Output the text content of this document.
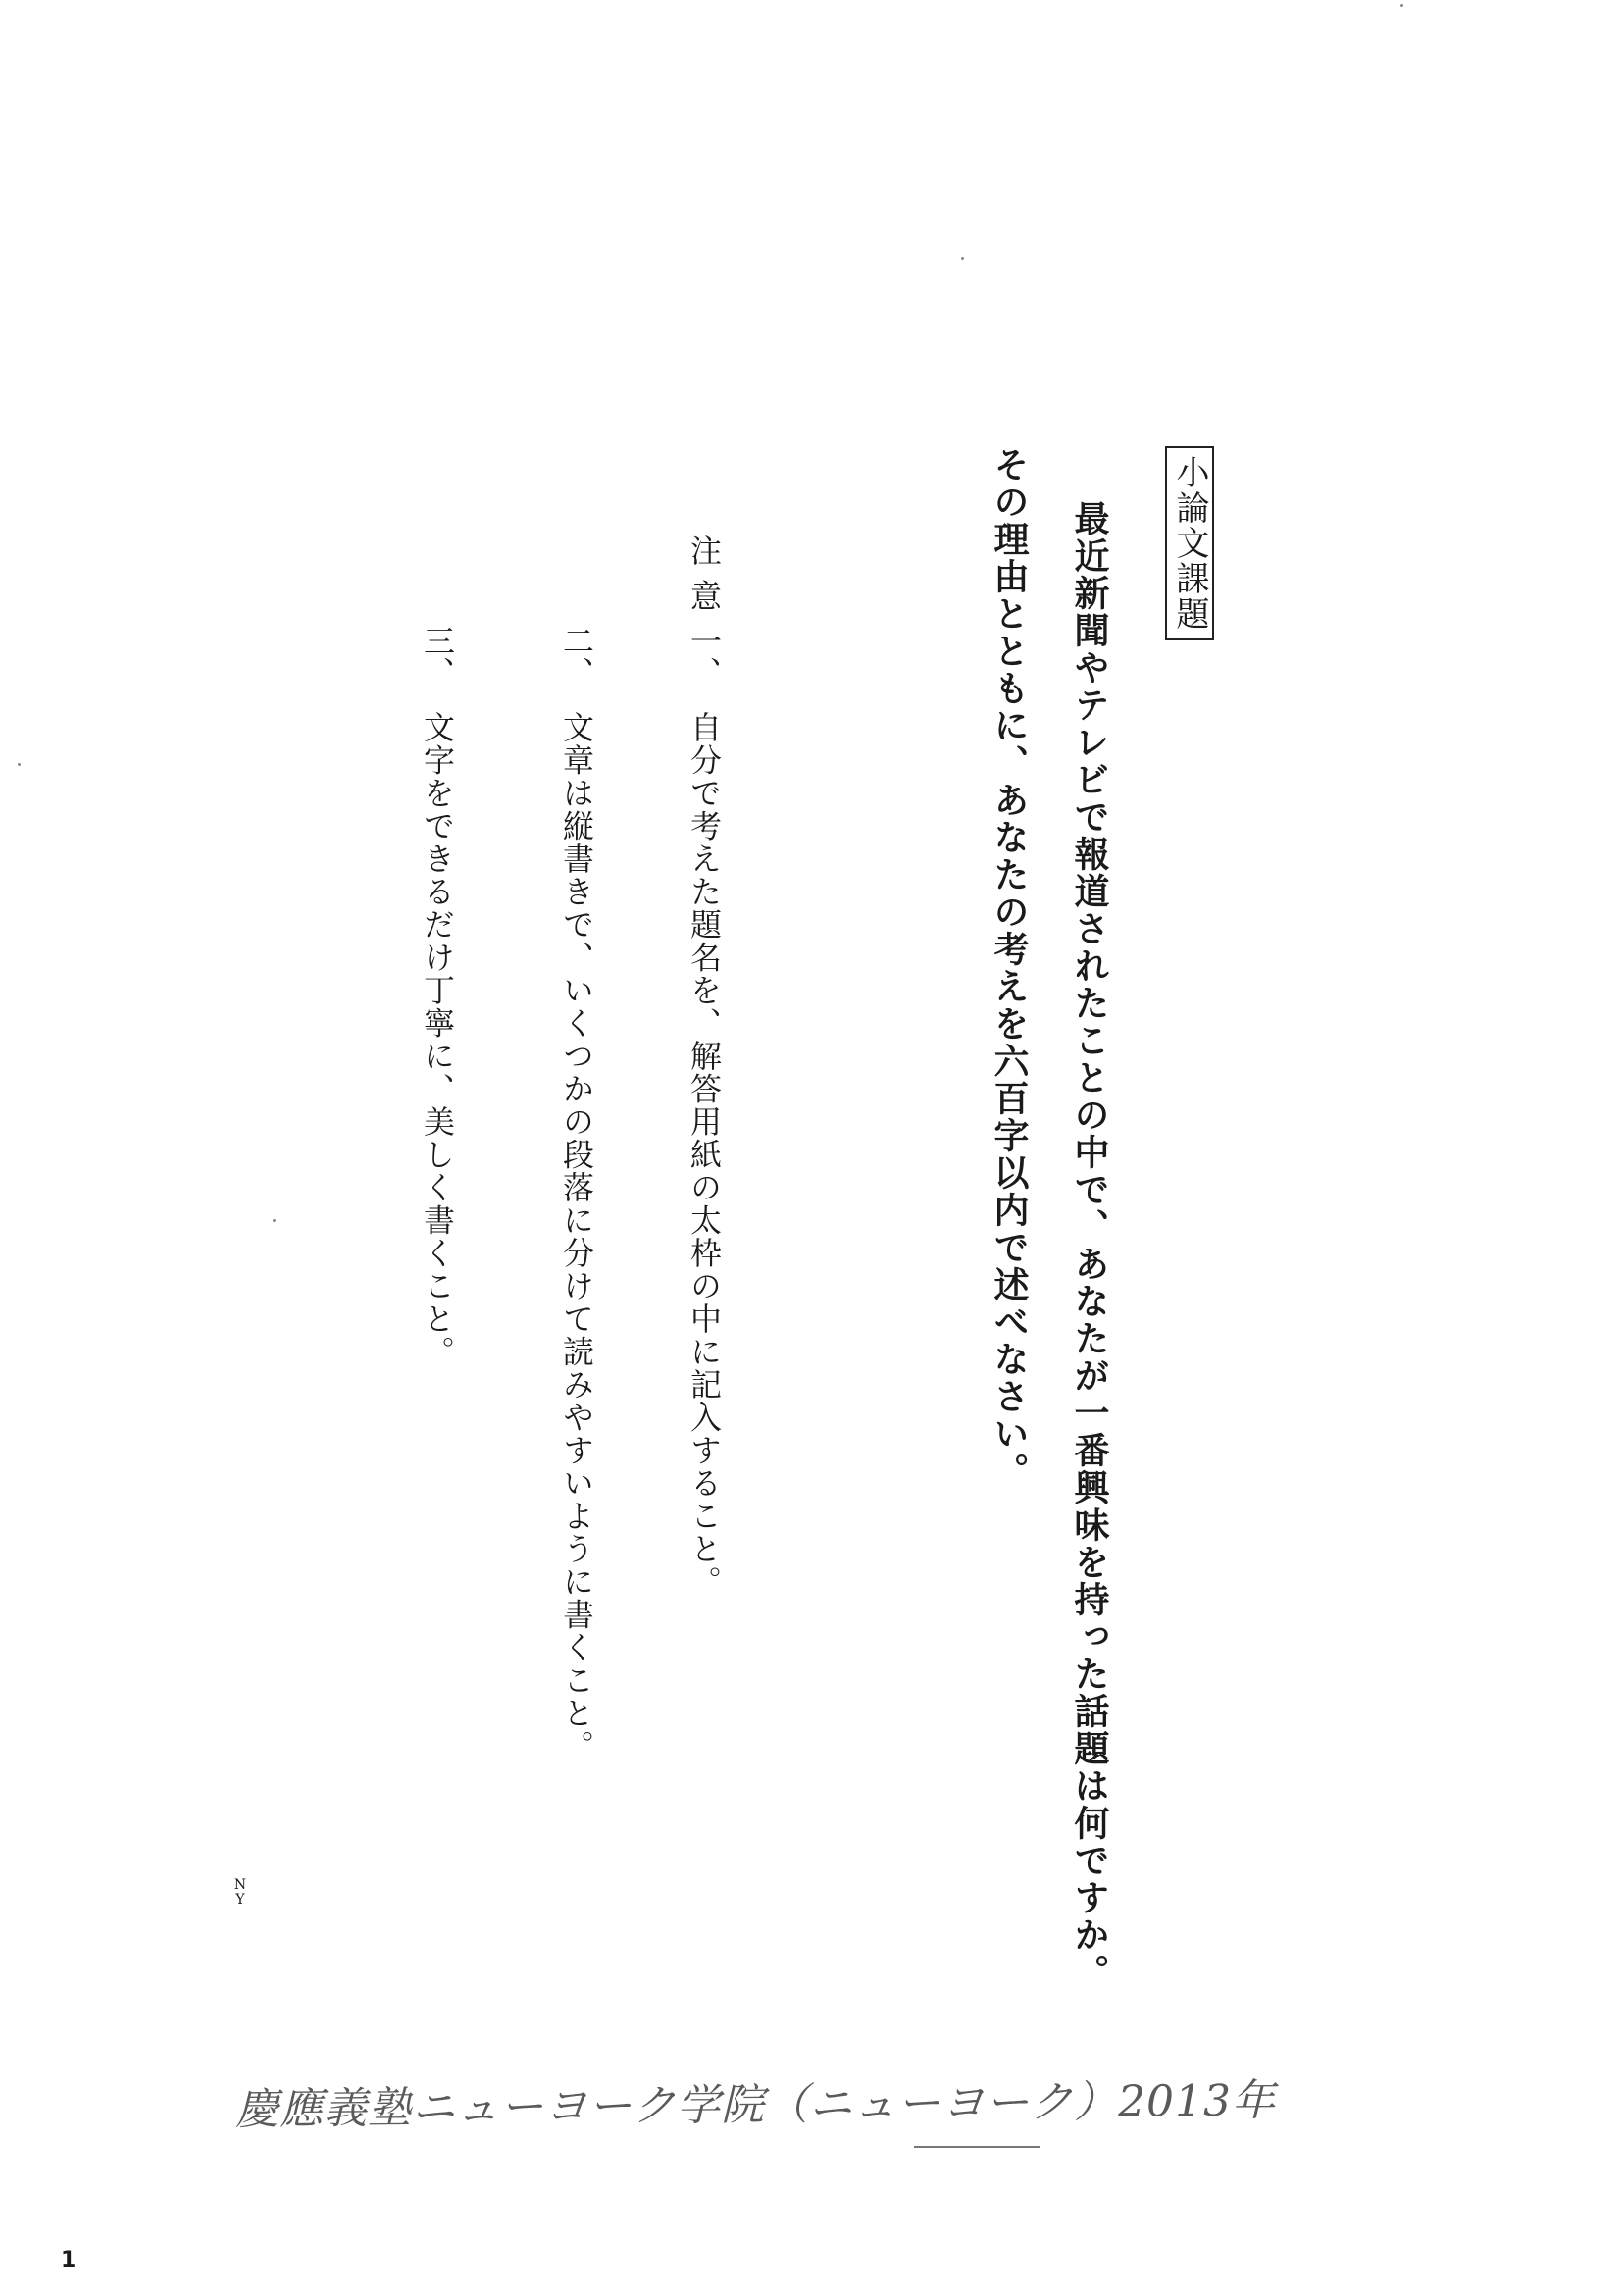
小論文課題
最近新聞やテレビで報道されたことの中で、あなたが一番興味を持った話題は何ですか。
その理由とともに、あなたの考えを六百字以内で述べなさい。
注意
一、
自分で考えた題名を、解答用紙の太枠の中に記入すること。
二、
文章は縦書きで、いくつかの段落に分けて読みやすいように書くこと。
三、
文字をできるだけ丁寧に、美しく書くこと。
N
Y
慶應義塾ニューヨーク学院（ニューヨーク）2013年
1
